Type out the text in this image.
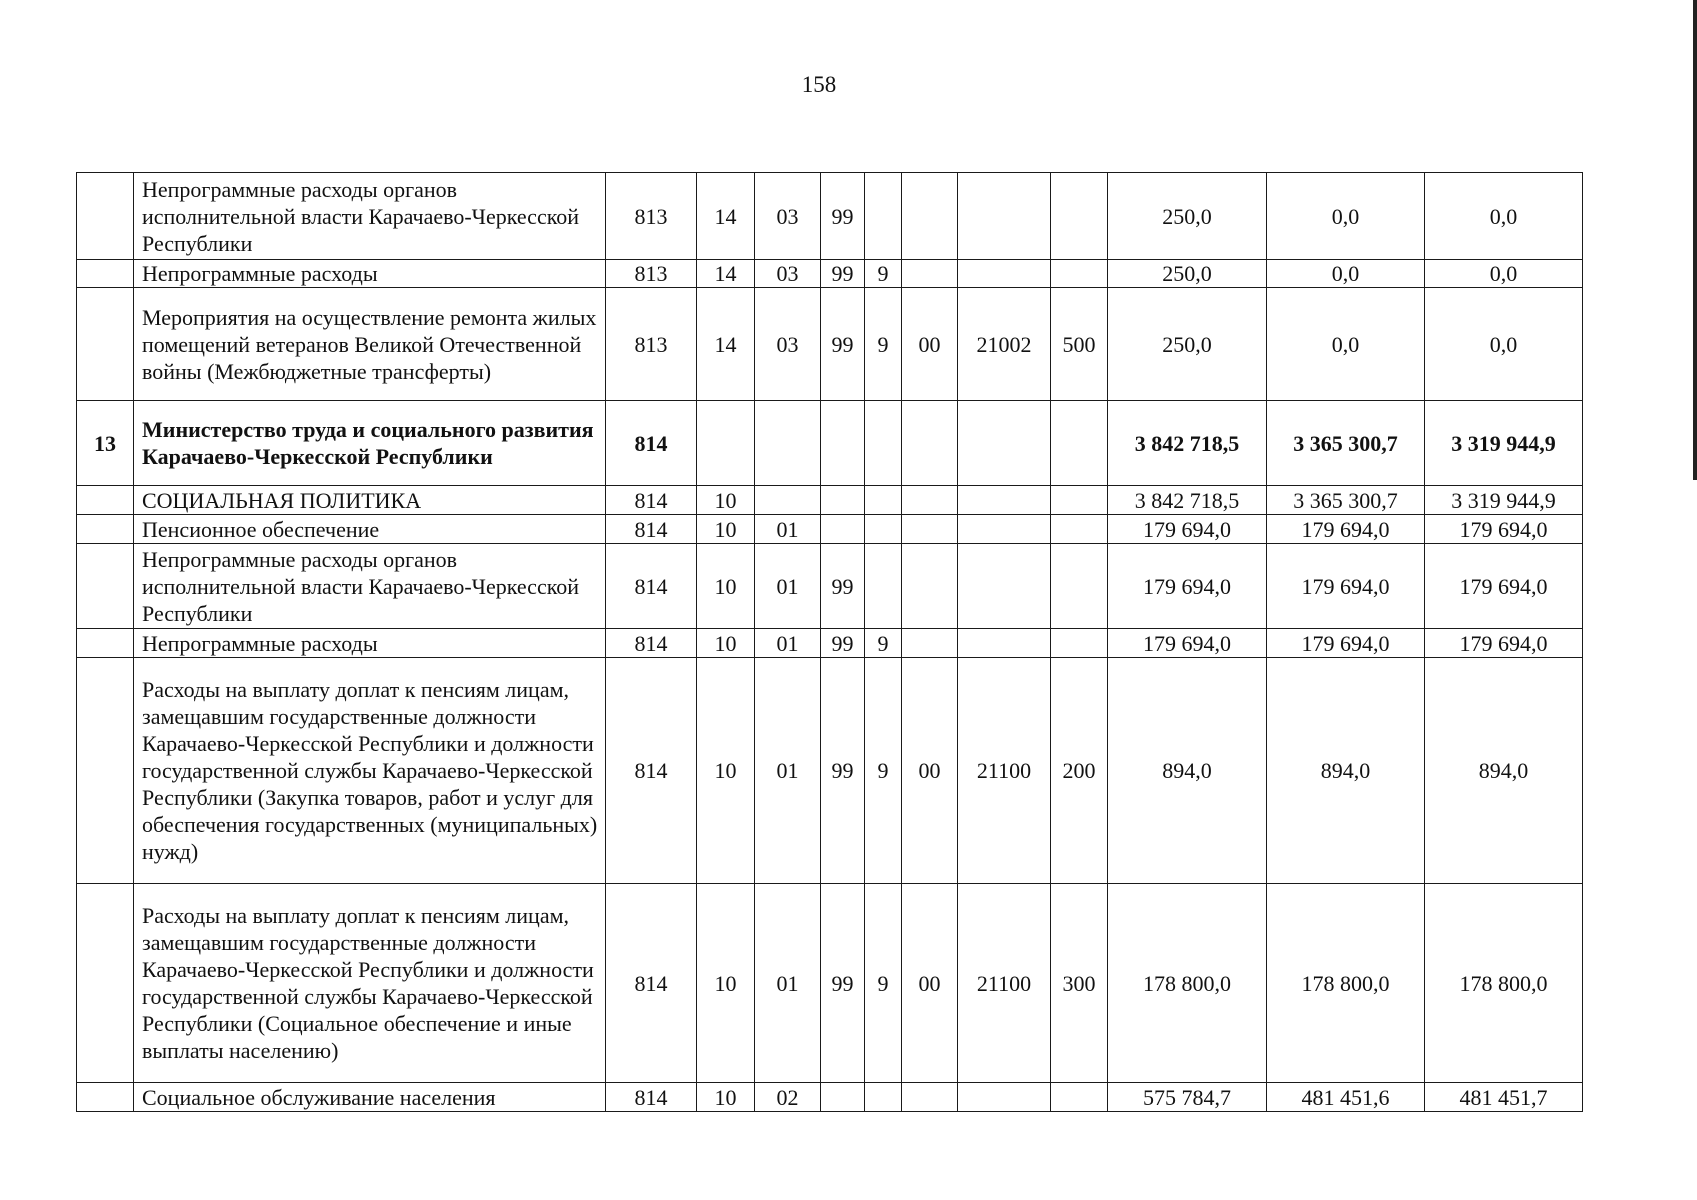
158
	Непрограммные расходы органов исполнительной власти Карачаево-Черкесской Республики	813	14	03	99					250,0	0,0	0,0
	Непрограммные расходы	813	14	03	99	9				250,0	0,0	0,0
	Мероприятия на осуществление ремонта жилых помещений ветеранов Великой Отечественной войны (Межбюджетные трансферты)	813	14	03	99	9	00	21002	500	250,0	0,0	0,0
13	Министерство труда и социального развития Карачаево-Черкесской Республики	814								3 842 718,5	3 365 300,7	3 319 944,9
	СОЦИАЛЬНАЯ ПОЛИТИКА	814	10							3 842 718,5	3 365 300,7	3 319 944,9
	Пенсионное обеспечение	814	10	01						179 694,0	179 694,0	179 694,0
	Непрограммные расходы органов исполнительной власти Карачаево-Черкесской Республики	814	10	01	99					179 694,0	179 694,0	179 694,0
	Непрограммные расходы	814	10	01	99	9				179 694,0	179 694,0	179 694,0
	Расходы на выплату доплат к пенсиям лицам, замещавшим государственные должности Карачаево-Черкесской Республики и должности государственной службы Карачаево-Черкесской Республики (Закупка товаров, работ и услуг для обеспечения государственных (муниципальных) нужд)	814	10	01	99	9	00	21100	200	894,0	894,0	894,0
	Расходы на выплату доплат к пенсиям лицам, замещавшим государственные должности Карачаево-Черкесской Республики и должности государственной службы Карачаево-Черкесской Республики (Социальное обеспечение и иные выплаты населению)	814	10	01	99	9	00	21100	300	178 800,0	178 800,0	178 800,0
	Социальное обслуживание населения	814	10	02						575 784,7	481 451,6	481 451,7
